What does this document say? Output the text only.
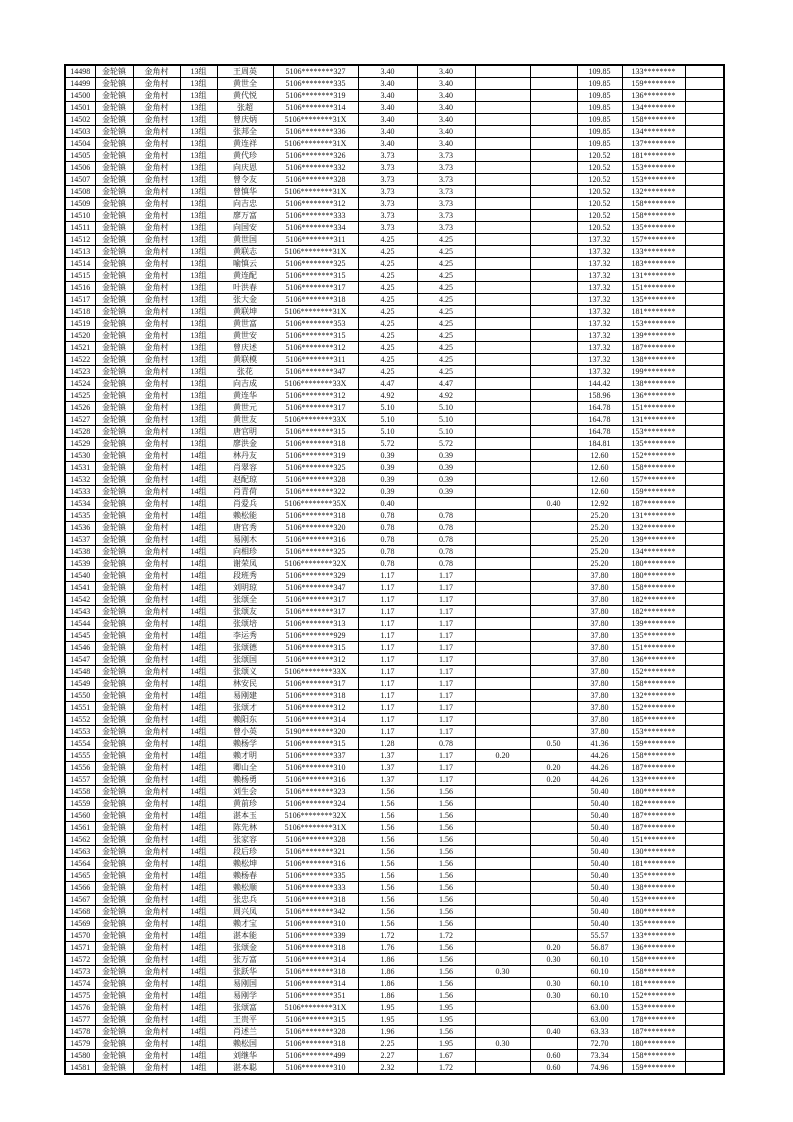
14498	金轮镇	金角村	13组	王周英	5106********327	3.40	3.40			109.85	133********	
14499	金轮镇	金角村	13组	黄世全	5106********335	3.40	3.40			109.85	159********	
14500	金轮镇	金角村	13组	黄代悦	5106********319	3.40	3.40			109.85	136********	
14501	金轮镇	金角村	13组	张超	5106********314	3.40	3.40			109.85	134********	
14502	金轮镇	金角村	13组	曾庆炳	5106********31X	3.40	3.40			109.85	158********	
14503	金轮镇	金角村	13组	张邦全	5106********336	3.40	3.40			109.85	134********	
14504	金轮镇	金角村	13组	黄连祥	5106********31X	3.40	3.40			109.85	137********	
14505	金轮镇	金角村	13组	黄代珍	5106********326	3.73	3.73			120.52	181********	
14506	金轮镇	金角村	13组	向庆恩	5106********332	3.73	3.73			120.52	153********	
14507	金轮镇	金角村	13组	曾令友	5106********328	3.73	3.73			120.52	153********	
14508	金轮镇	金角村	13组	曾慎华	5106********31X	3.73	3.73			120.52	132********	
14509	金轮镇	金角村	13组	向吉忠	5106********312	3.73	3.73			120.52	158********	
14510	金轮镇	金角村	13组	廖万富	5106********333	3.73	3.73			120.52	158********	
14511	金轮镇	金角村	13组	向国安	5106********334	3.73	3.73			120.52	135********	
14512	金轮镇	金角村	13组	黄世国	5106********311	4.25	4.25			137.32	157********	
14513	金轮镇	金角村	13组	黄联志	5106********31X	4.25	4.25			137.32	133********	
14514	金轮镇	金角村	13组	喻慎云	5106********325	4.25	4.25			137.32	183********	
14515	金轮镇	金角村	13组	黄连配	5106********315	4.25	4.25			137.32	131********	
14516	金轮镇	金角村	13组	叶洪春	5106********317	4.25	4.25			137.32	151********	
14517	金轮镇	金角村	13组	张大金	5106********318	4.25	4.25			137.32	135********	
14518	金轮镇	金角村	13组	黄联坤	5106********31X	4.25	4.25			137.32	181********	
14519	金轮镇	金角村	13组	黄世富	5106********353	4.25	4.25			137.32	153********	
14520	金轮镇	金角村	13组	黄世安	5106********315	4.25	4.25			137.32	139********	
14521	金轮镇	金角村	13组	曾庆述	5106********312	4.25	4.25			137.32	187********	
14522	金轮镇	金角村	13组	黄联模	5106********311	4.25	4.25			137.32	138********	
14523	金轮镇	金角村	13组	张花	5106********347	4.25	4.25			137.32	199********	
14524	金轮镇	金角村	13组	向吉成	5106********33X	4.47	4.47			144.42	138********	
14525	金轮镇	金角村	13组	黄连华	5106********312	4.92	4.92			158.96	136********	
14526	金轮镇	金角村	13组	黄世元	5106********317	5.10	5.10			164.78	151********	
14527	金轮镇	金角村	13组	黄世友	5106********33X	5.10	5.10			164.78	131********	
14528	金轮镇	金角村	13组	唐官明	5106********315	5.10	5.10			164.78	153********	
14529	金轮镇	金角村	13组	廖洪金	5106********318	5.72	5.72			184.81	135********	
14530	金轮镇	金角村	14组	林丹友	5106********319	0.39	0.39			12.60	152********	
14531	金轮镇	金角村	14组	肖翠容	5106********325	0.39	0.39			12.60	158********	
14532	金轮镇	金角村	14组	赵配琼	5106********328	0.39	0.39			12.60	157********	
14533	金轮镇	金角村	14组	肖青荷	5106********322	0.39	0.39			12.60	159********	
14534	金轮镇	金角村	14组	肖爱兵	5106********35X	0.40			0.40	12.92	187********	
14535	金轮镇	金角村	14组	赖松能	5106********318	0.78	0.78			25.20	131********	
14536	金轮镇	金角村	14组	唐官秀	5106********320	0.78	0.78			25.20	132********	
14537	金轮镇	金角村	14组	易刚木	5106********316	0.78	0.78			25.20	139********	
14538	金轮镇	金角村	14组	向相珍	5106********325	0.78	0.78			25.20	134********	
14539	金轮镇	金角村	14组	谢荣凤	5106********32X	0.78	0.78			25.20	180********	
14540	金轮镇	金角村	14组	段班秀	5106********329	1.17	1.17			37.80	180********	
14541	金轮镇	金角村	14组	刘明琼	5106********347	1.17	1.17			37.80	158********	
14542	金轮镇	金角村	14组	张颂全	5106********317	1.17	1.17			37.80	182********	
14543	金轮镇	金角村	14组	张颂友	5106********317	1.17	1.17			37.80	182********	
14544	金轮镇	金角村	14组	张颂培	5106********313	1.17	1.17			37.80	139********	
14545	金轮镇	金角村	14组	李运秀	5106********929	1.17	1.17			37.80	135********	
14546	金轮镇	金角村	14组	张颂德	5106********315	1.17	1.17			37.80	151********	
14547	金轮镇	金角村	14组	张颂国	5106********312	1.17	1.17			37.80	136********	
14548	金轮镇	金角村	14组	张颂义	5106********33X	1.17	1.17			37.80	152********	
14549	金轮镇	金角村	14组	林安民	5106********317	1.17	1.17			37.80	158********	
14550	金轮镇	金角村	14组	易刚建	5106********318	1.17	1.17			37.80	132********	
14551	金轮镇	金角村	14组	张颂才	5106********312	1.17	1.17			37.80	152********	
14552	金轮镇	金角村	14组	赖阳东	5106********314	1.17	1.17			37.80	185********	
14553	金轮镇	金角村	14组	曾小英	5190********320	1.17	1.17			37.80	153********	
14554	金轮镇	金角村	14组	赖杨学	5106********315	1.28	0.78		0.50	41.36	159********	
14555	金轮镇	金角村	14组	赖才明	5106********337	1.37	1.17	0.20		44.26	158********	
14556	金轮镇	金角村	14组	卿山全	5106********310	1.37	1.17		0.20	44.26	187********	
14557	金轮镇	金角村	14组	赖杨勇	5106********316	1.37	1.17		0.20	44.26	133********	
14558	金轮镇	金角村	14组	刘生会	5106********323	1.56	1.56			50.40	180********	
14559	金轮镇	金角村	14组	黄前珍	5106********324	1.56	1.56			50.40	182********	
14560	金轮镇	金角村	14组	湛本玉	5106********32X	1.56	1.56			50.40	187********	
14561	金轮镇	金角村	14组	陈先林	5106********31X	1.56	1.56			50.40	187********	
14562	金轮镇	金角村	14组	张家容	5106********328	1.56	1.56			50.40	151********	
14563	金轮镇	金角村	14组	段后珍	5106********321	1.56	1.56			50.40	130********	
14564	金轮镇	金角村	14组	赖松坤	5106********316	1.56	1.56			50.40	181********	
14565	金轮镇	金角村	14组	赖杨春	5106********335	1.56	1.56			50.40	135********	
14566	金轮镇	金角村	14组	赖松顺	5106********333	1.56	1.56			50.40	138********	
14567	金轮镇	金角村	14组	张忠兵	5106********318	1.56	1.56			50.40	153********	
14568	金轮镇	金角村	14组	周兴凤	5106********342	1.56	1.56			50.40	180********	
14569	金轮镇	金角村	14组	赖才宝	5106********310	1.56	1.56			50.40	135********	
14570	金轮镇	金角村	14组	湛本能	5106********339	1.72	1.72			55.57	133********	
14571	金轮镇	金角村	14组	张颂金	5106********318	1.76	1.56		0.20	56.87	136********	
14572	金轮镇	金角村	14组	张万富	5106********314	1.86	1.56		0.30	60.10	158********	
14573	金轮镇	金角村	14组	张跃华	5106********318	1.86	1.56	0.30		60.10	158********	
14574	金轮镇	金角村	14组	易刚国	5106********314	1.86	1.56		0.30	60.10	181********	
14575	金轮镇	金角村	14组	易刚学	5106********351	1.86	1.56		0.30	60.10	152********	
14576	金轮镇	金角村	14组	张颂富	5106********31X	1.95	1.95			63.00	153********	
14577	金轮镇	金角村	14组	王贵平	5106********315	1.95	1.95			63.00	178********	
14578	金轮镇	金角村	14组	肖述兰	5106********328	1.96	1.56		0.40	63.33	187********	
14579	金轮镇	金角村	14组	赖松国	5106********318	2.25	1.95	0.30		72.70	180********	
14580	金轮镇	金角村	14组	刘继华	5106********499	2.27	1.67		0.60	73.34	158********	
14581	金轮镇	金角村	14组	湛本聪	5106********310	2.32	1.72		0.60	74.96	159********	
